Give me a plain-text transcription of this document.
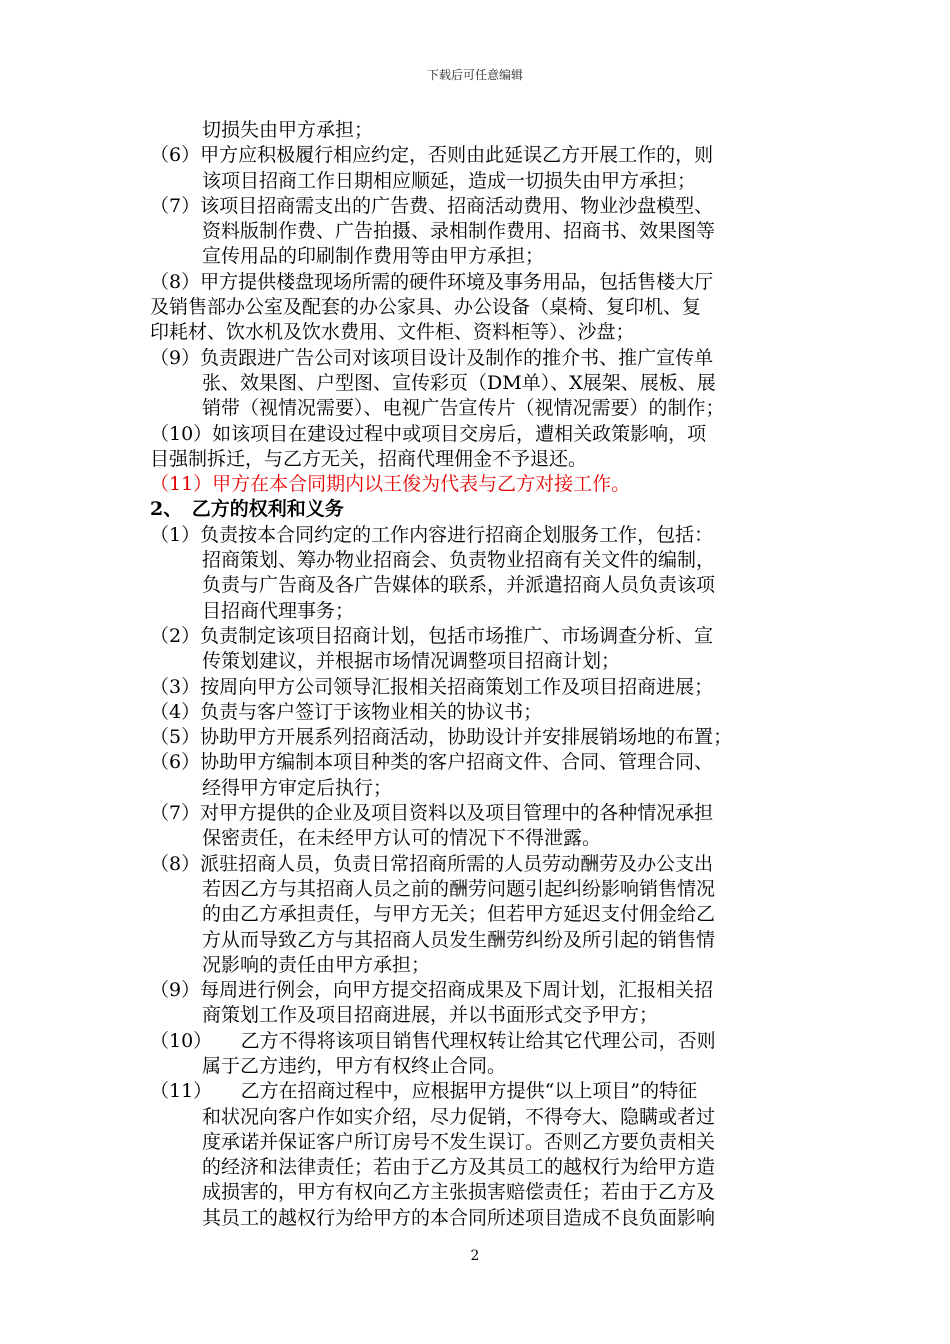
下载后可任意编辑
切损失由甲方承担；
（6）甲方应积极履行相应约定，否则由此延误乙方开展工作的，则
该项目招商工作日期相应顺延，造成一切损失由甲方承担；
（7）该项目招商需支出的广告费、招商活动费用、物业沙盘模型、
资料版制作费、广告拍摄、录相制作费用、招商书、效果图等
宣传用品的印刷制作费用等由甲方承担；
（8）甲方提供楼盘现场所需的硬件环境及事务用品，包括售楼大厅
及销售部办公室及配套的办公家具、办公设备（桌椅、复印机、复
印耗材、饮水机及饮水费用、文件柜、资料柜等）、沙盘；
（9）负责跟进广告公司对该项目设计及制作的推介书、推广宣传单
张、效果图、户型图、宣传彩页（DM单）、X展架、展板、展
销带（视情况需要）、电视广告宣传片（视情况需要）的制作；
（10）如该项目在建设过程中或项目交房后，遭相关政策影响，项
目强制拆迁，与乙方无关，招商代理佣金不予退还。
（11）甲方在本合同期内以王俊为代表与乙方对接工作。
2、　乙方的权利和义务
（1）负责按本合同约定的工作内容进行招商企划服务工作，包括：
招商策划、筹办物业招商会、负责物业招商有关文件的编制，
负责与广告商及各广告媒体的联系，并派遣招商人员负责该项
目招商代理事务；
（2）负责制定该项目招商计划，包括市场推广、市场调查分析、宣
传策划建议，并根据市场情况调整项目招商计划；
（3）按周向甲方公司领导汇报相关招商策划工作及项目招商进展；
（4）负责与客户签订于该物业相关的协议书；
（5）协助甲方开展系列招商活动，协助设计并安排展销场地的布置；
（6）协助甲方编制本项目种类的客户招商文件、合同、管理合同、
经得甲方审定后执行；
（7）对甲方提供的企业及项目资料以及项目管理中的各种情况承担
保密责任，在未经甲方认可的情况下不得泄露。
（8）派驻招商人员，负责日常招商所需的人员劳动酬劳及办公支出
若因乙方与其招商人员之前的酬劳问题引起纠纷影响销售情况
的由乙方承担责任，与甲方无关；但若甲方延迟支付佣金给乙
方从而导致乙方与其招商人员发生酬劳纠纷及所引起的销售情
况影响的责任由甲方承担；
（9）每周进行例会，向甲方提交招商成果及下周计划，汇报相关招
商策划工作及项目招商进展，并以书面形式交予甲方；
（10）　　乙方不得将该项目销售代理权转让给其它代理公司，否则
属于乙方违约，甲方有权终止合同。
（11）　　乙方在招商过程中，应根据甲方提供“以上项目”的特征
和状况向客户作如实介绍，尽力促销，不得夸大、隐瞒或者过
度承诺并保证客户所订房号不发生误订。否则乙方要负责相关
的经济和法律责任；若由于乙方及其员工的越权行为给甲方造
成损害的，甲方有权向乙方主张损害赔偿责任；若由于乙方及
其员工的越权行为给甲方的本合同所述项目造成不良负面影响
2
